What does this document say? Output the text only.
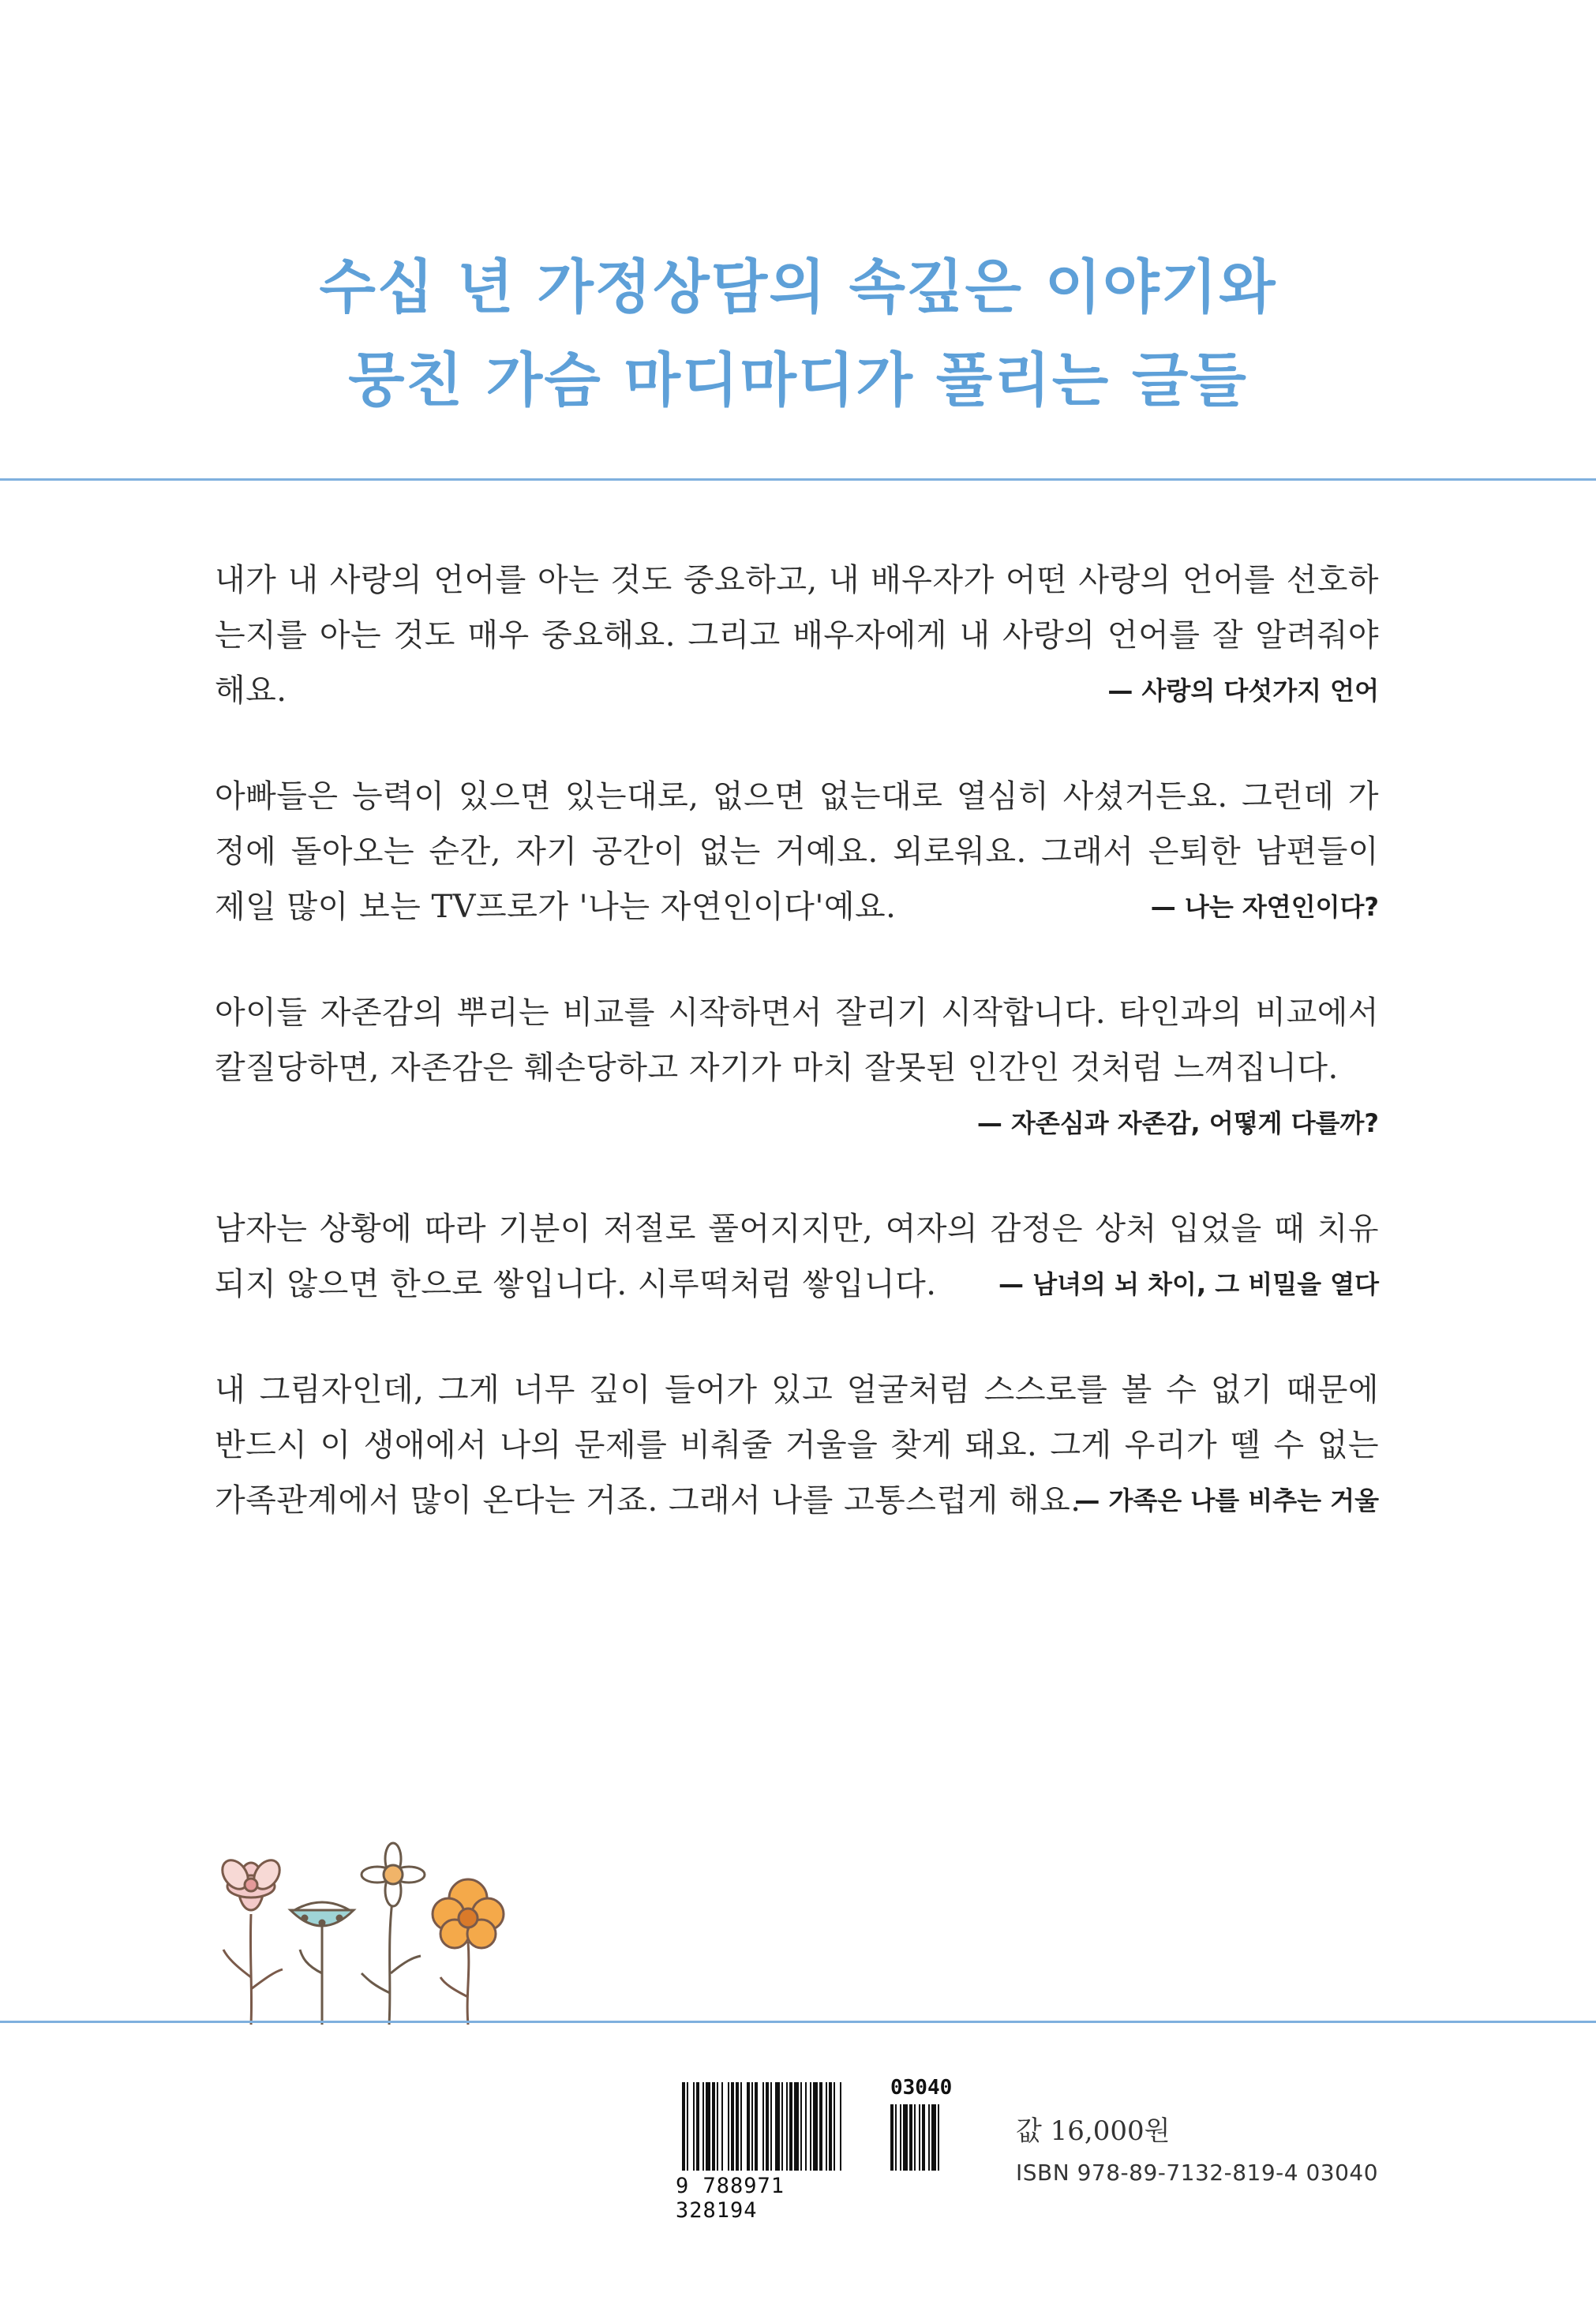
수십 년 가정상담의 속깊은 이야기와
뭉친 가슴 마디마디가 풀리는 글들
내가 내 사랑의 언어를 아는 것도 중요하고, 내 배우자가 어떤 사랑의 언어를 선호하는지를 아는 것도 매우 중요해요. 그리고 배우자에게 내 사랑의 언어를 잘 알려줘야 해요.	— 사랑의 다섯가지 언어
아빠들은 능력이 있으면 있는대로, 없으면 없는대로 열심히 사셨거든요. 그런데 가정에 돌아오는 순간, 자기 공간이 없는 거예요. 외로워요. 그래서 은퇴한 남편들이 제일 많이 보는 TV프로가 '나는 자연인이다'예요.	— 나는 자연인이다?
아이들 자존감의 뿌리는 비교를 시작하면서 잘리기 시작합니다. 타인과의 비교에서 칼질당하면, 자존감은 훼손당하고 자기가 마치 잘못된 인간인 것처럼 느껴집니다.
— 자존심과 자존감, 어떻게 다를까?
남자는 상황에 따라 기분이 저절로 풀어지지만, 여자의 감정은 상처 입었을 때 치유되지 않으면 한으로 쌓입니다. 시루떡처럼 쌓입니다.	— 남녀의 뇌 차이, 그 비밀을 열다
내 그림자인데, 그게 너무 깊이 들어가 있고 얼굴처럼 스스로를 볼 수 없기 때문에 반드시 이 생애에서 나의 문제를 비춰줄 거울을 찾게 돼요. 그게 우리가 뗄 수 없는 가족관계에서 많이 온다는 거죠. 그래서 나를 고통스럽게 해요.
— 가족은 나를 비추는 거울
03040
9 788971 328194
값 16,000원
ISBN 978-89-7132-819-4 03040
